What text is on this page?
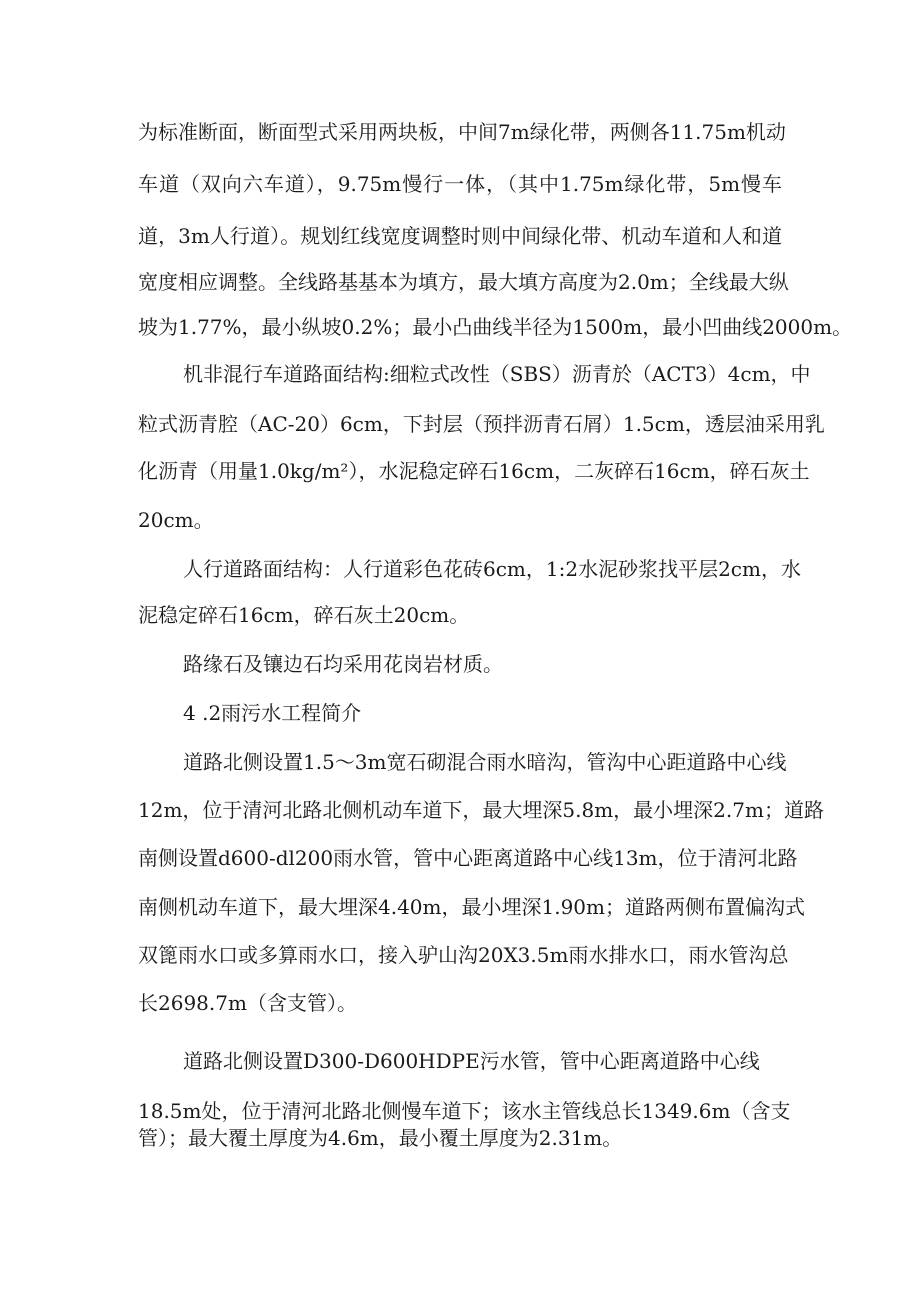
为标准断面，断面型式采用两块板，中间7m绿化带，两侧各11.75m机动
车道（双向六车道），9.75m慢行一体，（其中1.75m绿化带，5m慢车
道，3m人行道）。规划红线宽度调整时则中间绿化带、机动车道和人和道
宽度相应调整。全线路基基本为填方，最大填方高度为2.0m；全线最大纵
坡为1.77%，最小纵坡0.2%；最小凸曲线半径为1500m，最小凹曲线2000m。
机非混行车道路面结构:细粒式改性（SBS）沥青於（ACT3）4cm，中
粒式沥青腔（AC-20）6cm，下封层（预拌沥青石屑）1.5cm，透层油采用乳
化沥青（用量1.0kg/m²），水泥稳定碎石16cm，二灰碎石16cm，碎石灰土
20cm。
人行道路面结构：人行道彩色花砖6cm，1:2水泥砂浆找平层2cm，水
泥稳定碎石16cm，碎石灰土20cm。
路缘石及镶边石均采用花岗岩材质。
4 .2雨污水工程简介
道路北侧设置1.5～3m宽石砌混合雨水暗沟，管沟中心距道路中心线
12m，位于清河北路北侧机动车道下，最大埋深5.8m，最小埋深2.7m；道路
南侧设置d600-dl200雨水管，管中心距离道路中心线13m，位于清河北路
南侧机动车道下，最大埋深4.40m，最小埋深1.90m；道路两侧布置偏沟式
双篦雨水口或多算雨水口，接入驴山沟20X3.5m雨水排水口，雨水管沟总
长2698.7m（含支管）。
道路北侧设置D300-D600HDPE污水管，管中心距离道路中心线
18.5m处，位于清河北路北侧慢车道下；该水主管线总长1349.6m（含支
管）；最大覆土厚度为4.6m，最小覆土厚度为2.31m。
